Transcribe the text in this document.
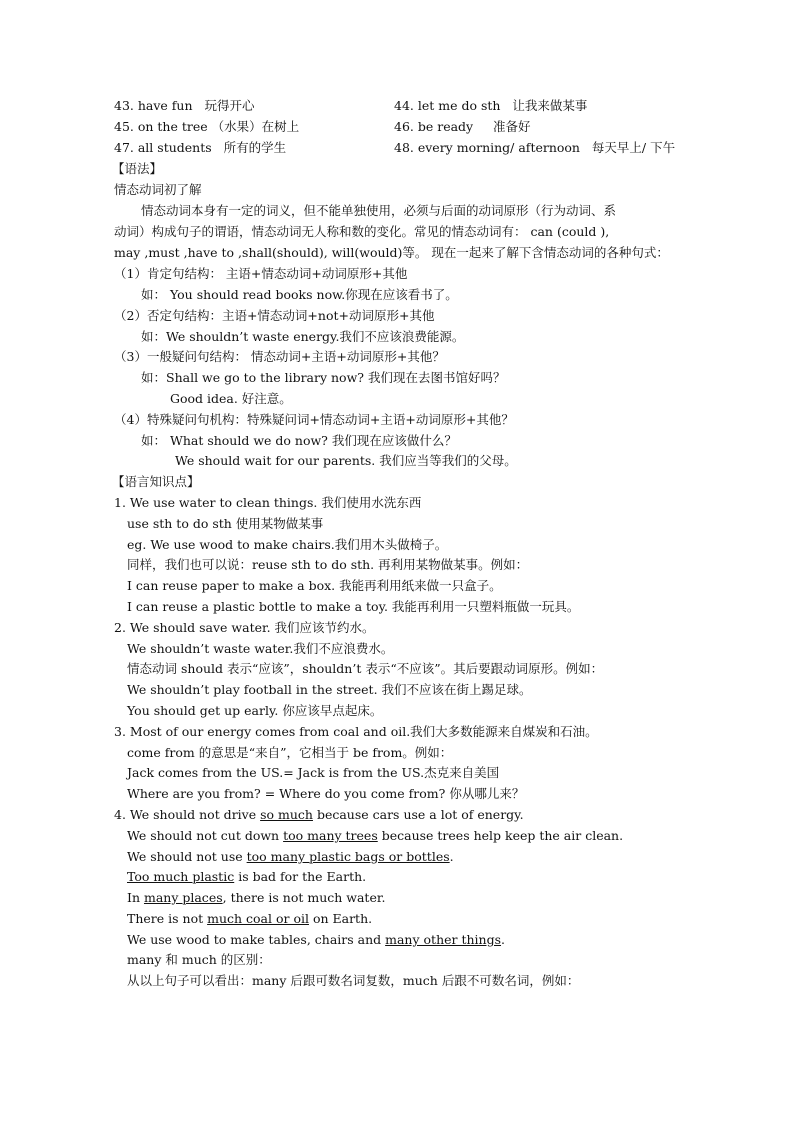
43. have fun 玩得开心	44. let me do sth 让我来做某事
45. on the tree （水果）在树上	46. be ready 准备好
47. all students 所有的学生	48. every morning/ afternoon 每天早上/ 下午
【语法】
情态动词初了解
情态动词本身有一定的词义，但不能单独使用，必须与后面的动词原形（行为动词、系
动词）构成句子的谓语，情态动词无人称和数的变化。常见的情态动词有： can (could ),
may ,must ,have to ,shall(should), will(would)等。 现在一起来了解下含情态动词的各种句式：
（1）肯定句结构： 主语+情态动词+动词原形+其他
如： You should read books now.你现在应该看书了。
（2）否定句结构：主语+情态动词+not+动词原形+其他
如：We shouldn’t waste energy.我们不应该浪费能源。
（3）一般疑问句结构： 情态动词+主语+动词原形+其他？
如：Shall we go to the library now? 我们现在去图书馆好吗？
Good idea. 好注意。
（4）特殊疑问句机构：特殊疑问词+情态动词+主语+动词原形+其他？
如： What should we do now? 我们现在应该做什么？
We should wait for our parents. 我们应当等我们的父母。
【语言知识点】
1. We use water to clean things. 我们使用水洗东西
use sth to do sth 使用某物做某事
eg. We use wood to make chairs.我们用木头做椅子。
同样，我们也可以说：reuse sth to do sth. 再利用某物做某事。例如：
I can reuse paper to make a box. 我能再利用纸来做一只盒子。
I can reuse a plastic bottle to make a toy. 我能再利用一只塑料瓶做一玩具。
2. We should save water. 我们应该节约水。
We shouldn’t waste water.我们不应浪费水。
情态动词 should 表示“应该”，shouldn’t 表示“不应该”。其后要跟动词原形。例如：
We shouldn’t play football in the street. 我们不应该在街上踢足球。
You should get up early. 你应该早点起床。
3. Most of our energy comes from coal and oil.我们大多数能源来自煤炭和石油。
come from 的意思是“来自”，它相当于 be from。例如：
Jack comes from the US.= Jack is from the US.杰克来自美国
Where are you from? = Where do you come from? 你从哪儿来？
4. We should not drive so much because cars use a lot of energy.
We should not cut down too many trees because trees help keep the air clean.
We should not use too many plastic bags or bottles.
Too much plastic is bad for the Earth.
In many places, there is not much water.
There is not much coal or oil on Earth.
We use wood to make tables, chairs and many other things.
many 和 much 的区别：
从以上句子可以看出：many 后跟可数名词复数，much 后跟不可数名词，例如：
